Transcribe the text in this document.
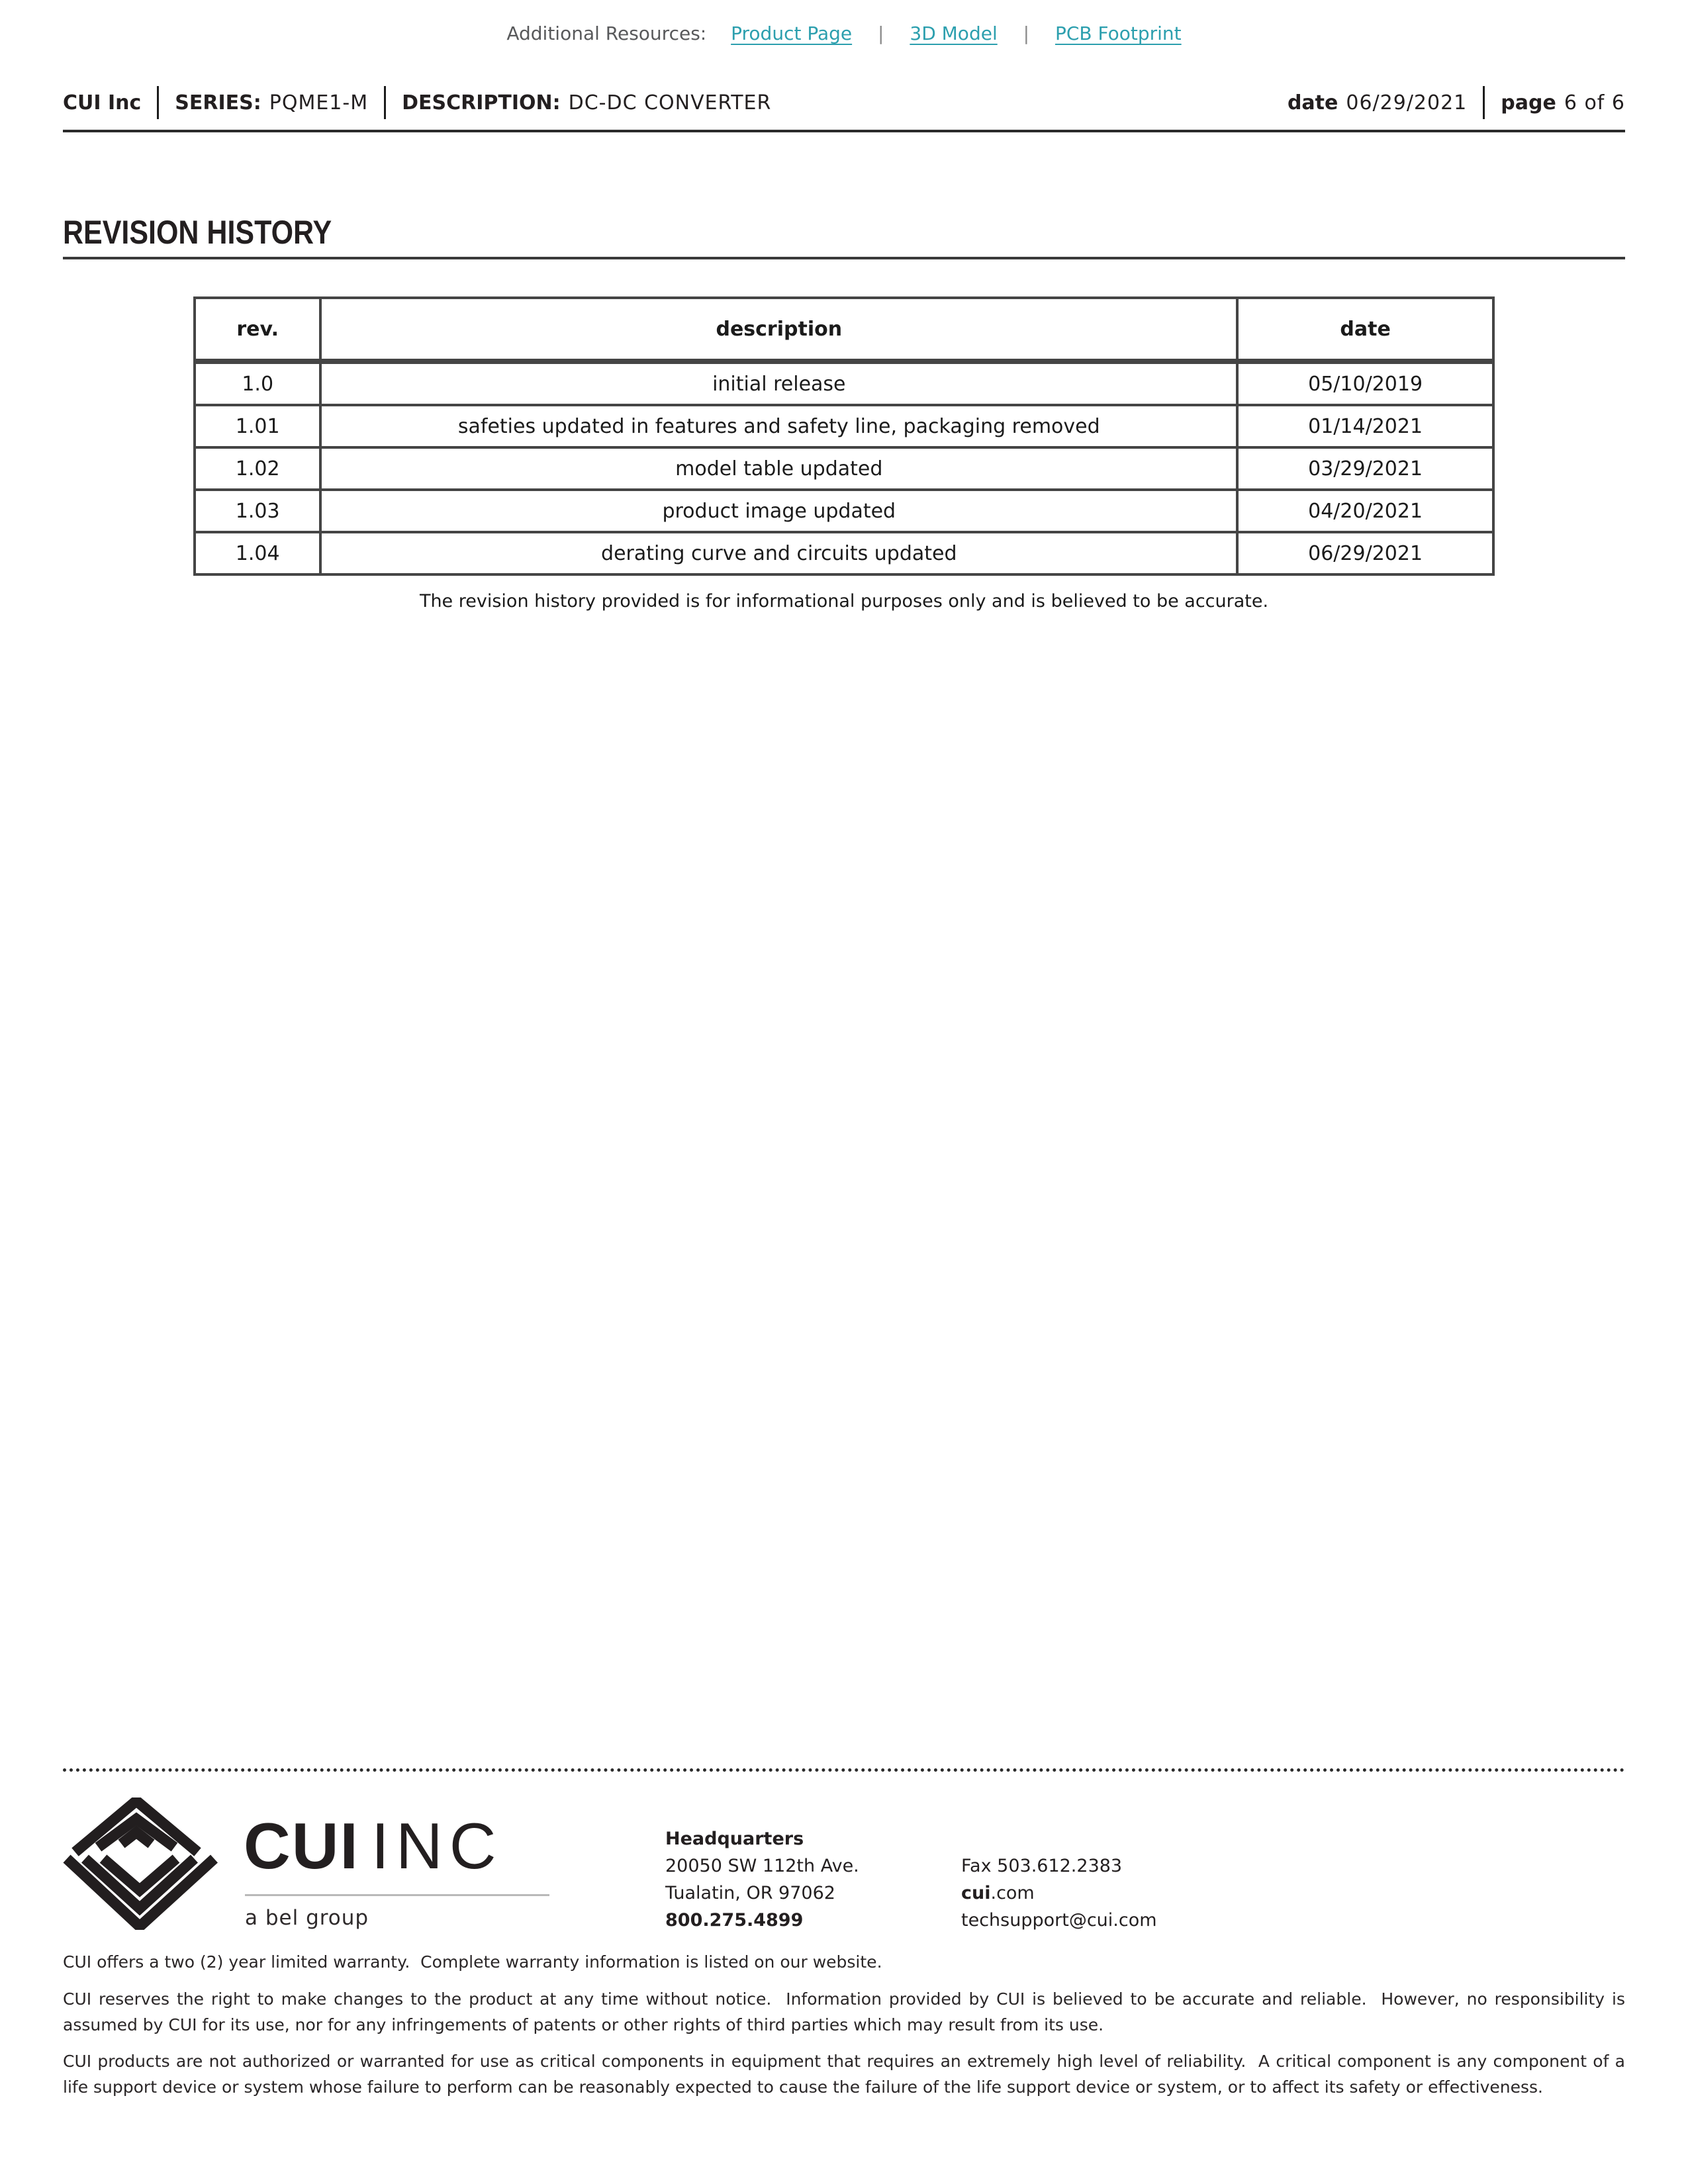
Additional Resources: Product Page | 3D Model | PCB Footprint
CUI Inc SERIES: PQME1-M DESCRIPTION: DC-DC CONVERTER	date 06/29/2021 page 6 of 6
REVISION HISTORY
rev.	description	date
1.0	initial release	05/10/2019
1.01	safeties updated in features and safety line, packaging removed	01/14/2021
1.02	model table updated	03/29/2021
1.03	product image updated	04/20/2021
1.04	derating curve and circuits updated	06/29/2021
The revision history provided is for informational purposes only and is believed to be accurate.
CUI INC
a bel group
Headquarters
20050 SW 112th Ave.
Tualatin, OR 97062
800.275.4899
Fax 503.612.2383
cui.com
techsupport@cui.com

CUI offers a two (2) year limited warranty.  Complete warranty information is listed on our website.

CUI reserves the right to make changes to the product at any time without notice.  Information provided by CUI is believed to be accurate and reliable.  However, no responsibility is assumed by CUI for its use, nor for any infringements of patents or other rights of third parties which may result from its use.

CUI products are not authorized or warranted for use as critical components in equipment that requires an extremely high level of reliability.  A critical component is any component of a life support device or system whose failure to perform can be reasonably expected to cause the failure of the life support device or system, or to affect its safety or effectiveness.
